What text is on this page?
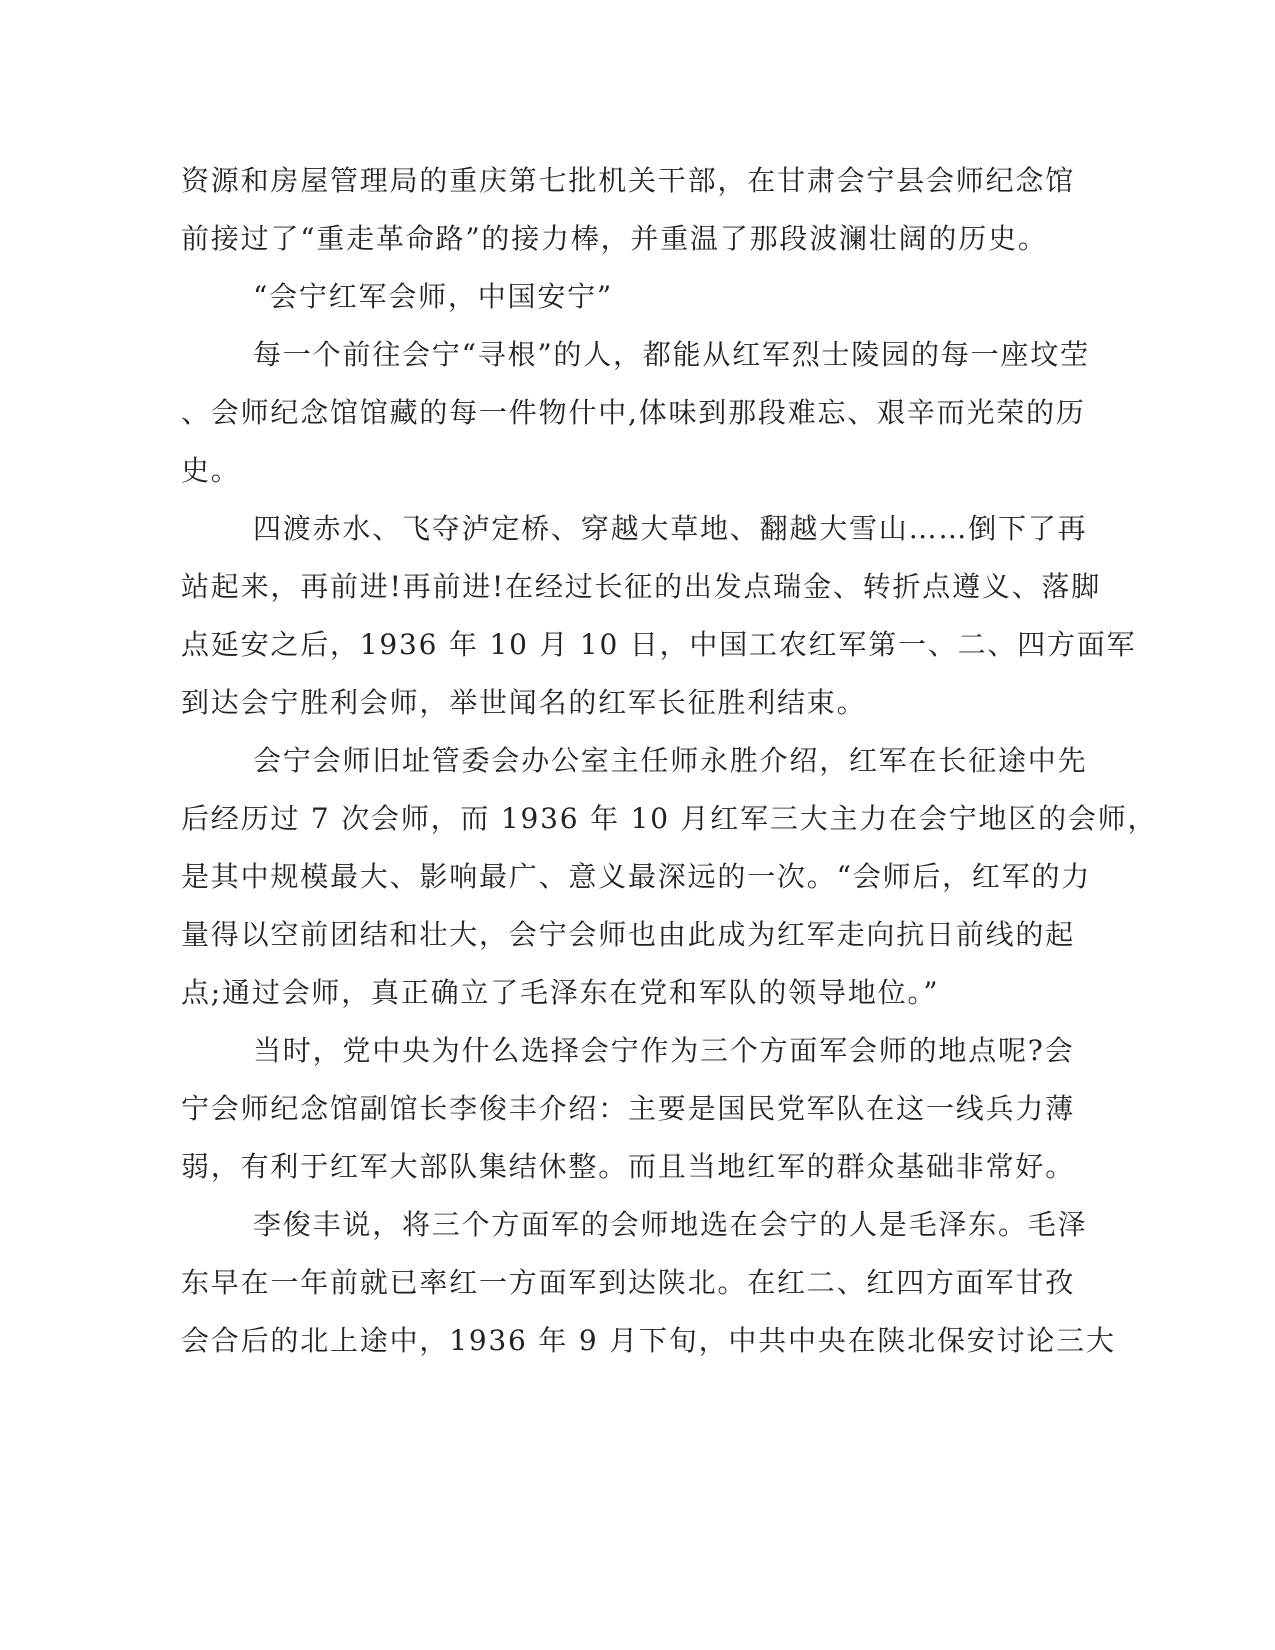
资源和房屋管理局的重庆第七批机关干部，在甘肃会宁县会师纪念馆
前接过了“重走革命路”的接力棒，并重温了那段波澜壮阔的历史。
“会宁红军会师，中国安宁”
每一个前往会宁“寻根”的人，都能从红军烈士陵园的每一座坟茔
、会师纪念馆馆藏的每一件物什中,体味到那段难忘、艰辛而光荣的历
史。
四渡赤水、飞夺泸定桥、穿越大草地、翻越大雪山……倒下了再
站起来，再前进!再前进!在经过长征的出发点瑞金、转折点遵义、落脚
点延安之后，1936 年 10 月 10 日，中国工农红军第一、二、四方面军
到达会宁胜利会师，举世闻名的红军长征胜利结束。
会宁会师旧址管委会办公室主任师永胜介绍，红军在长征途中先
后经历过 7 次会师，而 1936 年 10 月红军三大主力在会宁地区的会师，
是其中规模最大、影响最广、意义最深远的一次。“会师后，红军的力
量得以空前团结和壮大，会宁会师也由此成为红军走向抗日前线的起
点;通过会师，真正确立了毛泽东在党和军队的领导地位。”
当时，党中央为什么选择会宁作为三个方面军会师的地点呢?会
宁会师纪念馆副馆长李俊丰介绍：主要是国民党军队在这一线兵力薄
弱，有利于红军大部队集结休整。而且当地红军的群众基础非常好。
李俊丰说，将三个方面军的会师地选在会宁的人是毛泽东。毛泽
东早在一年前就已率红一方面军到达陕北。在红二、红四方面军甘孜
会合后的北上途中，1936 年 9 月下旬，中共中央在陕北保安讨论三大
